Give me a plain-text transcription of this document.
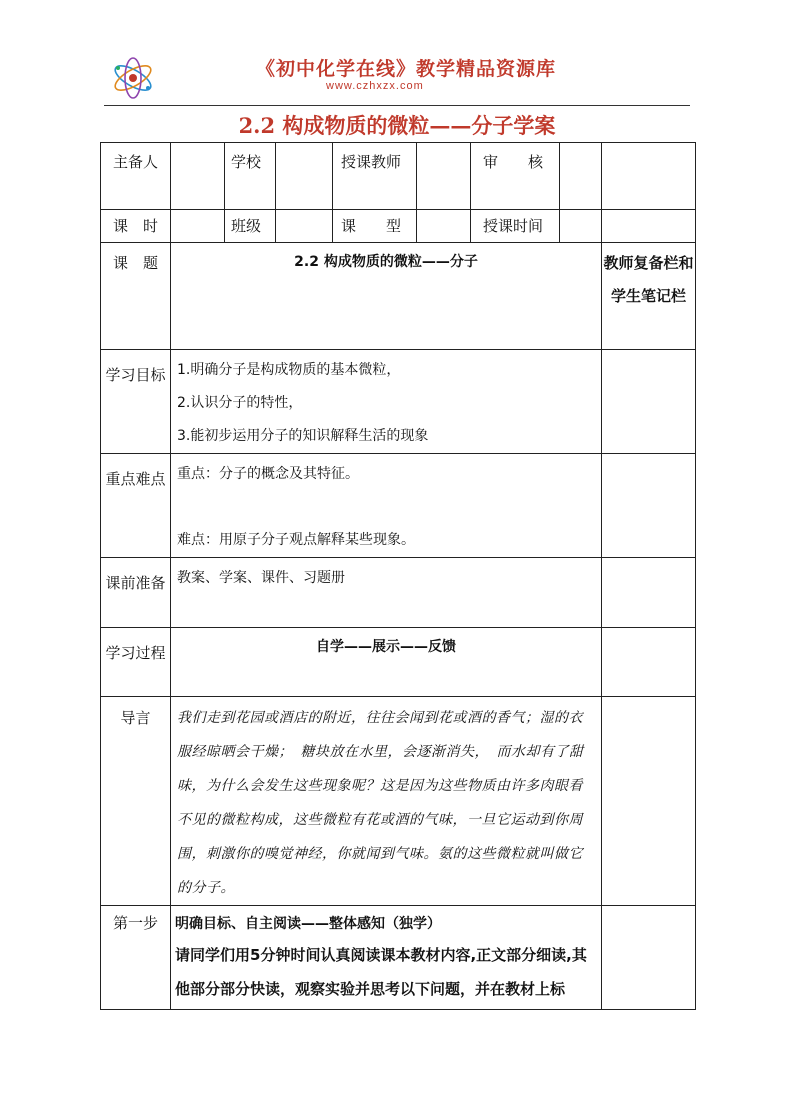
《初中化学在线》教学精品资源库
www.czhxzx.com
2.2 构成物质的微粒——分子学案
主备人		学校		授课教师		审　　核		
课　时		班级		课　　型		授课时间		
课　题	2.2 构成物质的微粒——分子							教师复备栏和学生笔记栏
学习目标	1.明确分子是构成物质的基本微粒，
2.认识分子的特性，
3.能初步运用分子的知识解释生活的现象							

重点难点	重点：分子的概念及其特征。
难点：用原子分子观点解释某些现象。							

课前准备	教案、学案、课件、习题册							
学习过程	自学——展示——反馈							
导言	我们走到花园或酒店的附近，往往会闻到花或酒的香气；湿的衣服经晾晒会干燥；　糖块放在水里，会逐渐消失，　而水却有了甜味，为什么会发生这些现象呢？这是因为这些物质由许多肉眼看不见的微粒构成，这些微粒有花或酒的气味，一旦它运动到你周围，刺激你的嗅觉神经，你就闻到气味。氨的这些微粒就叫做它的分子。							
第一步	明确目标、自主阅读——整体感知（独学）
请同学们用5分钟时间认真阅读课本教材内容,正文部分细读,其他部分部分快读，观察实验并思考以下问题，并在教材上标							
